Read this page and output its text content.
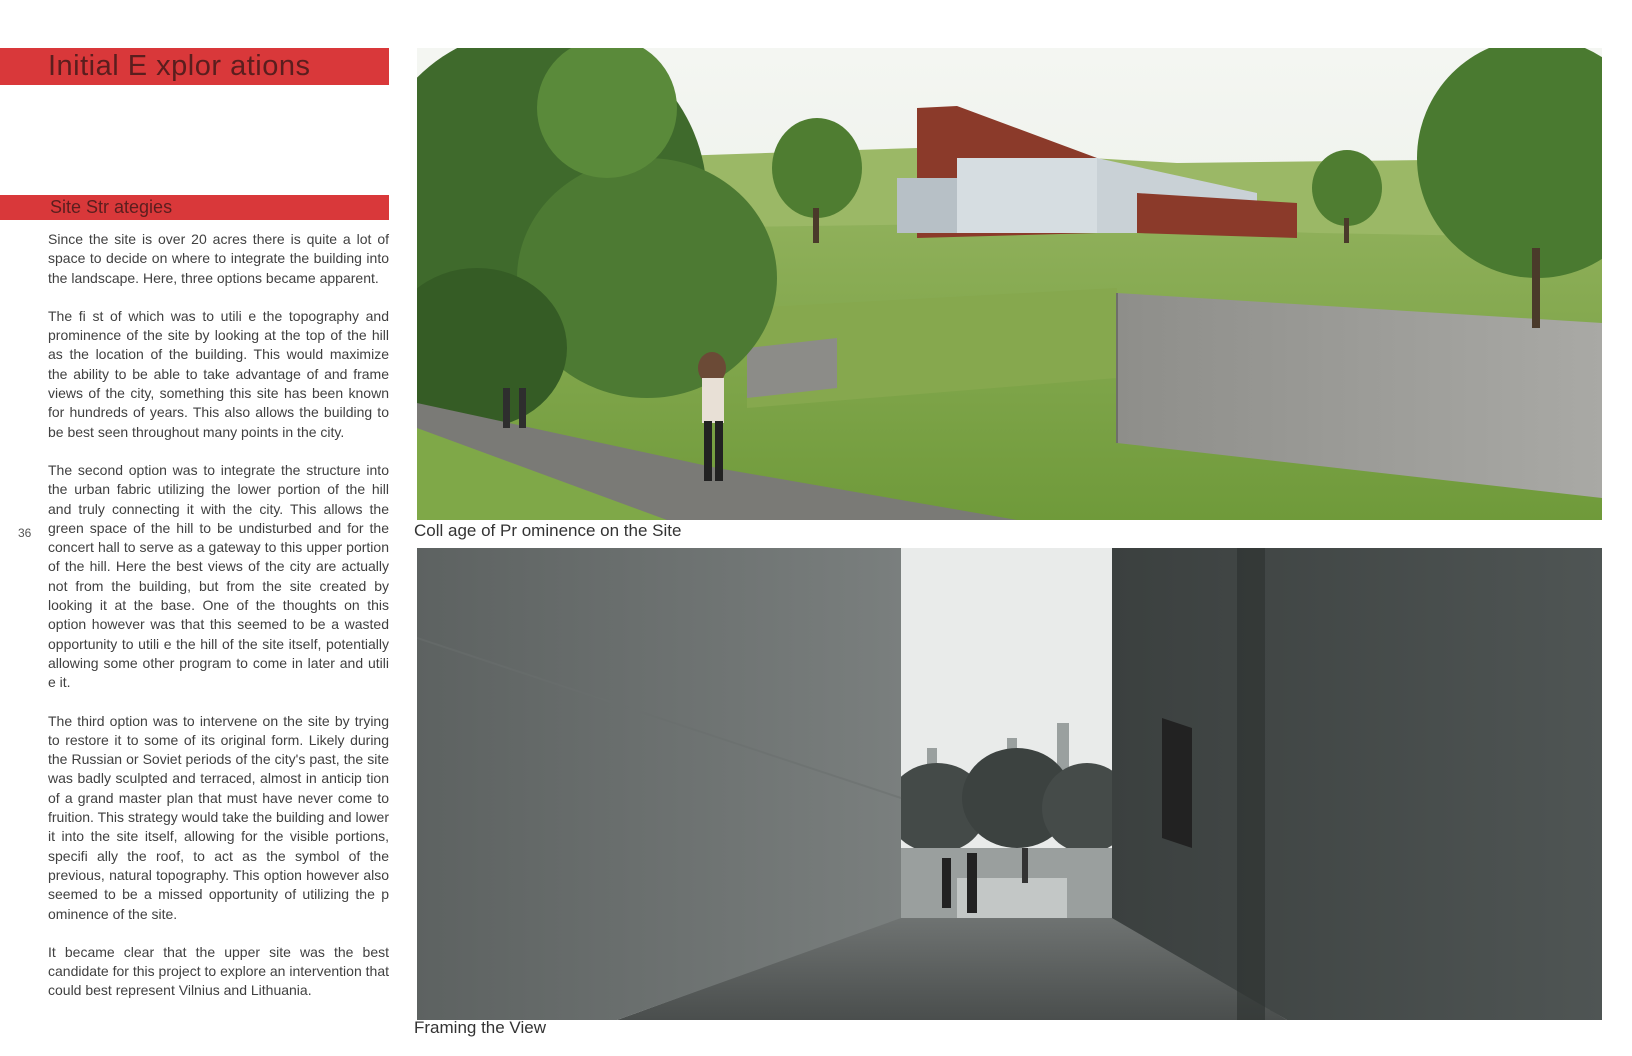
Initial E xplor ations
Site Str ategies

Since the site is over 20 acres there is quite a lot of space to decide on where to integrate the building into the landscape. Here, three options became apparent.

The fi st of which was to utili e the topography and prominence of the site by looking at the top of the hill as the location of the building. This would maximize the ability to be able to take advantage of and frame views of the city, something this site has been known for hundreds of years. This also allows the building to be best seen throughout many points in the city.

The second option was to integrate the structure into the urban fabric utilizing the lower portion of the hill and truly connecting it with the city. This allows the green space of the hill to be undisturbed and for the concert hall to serve as a gateway to this upper portion of the hill. Here the best views of the city are actually not from the building, but from the site created by looking it at the base. One of the thoughts on this option however was that this seemed to be a wasted opportunity to utili e the hill of the site itself, potentially allowing some other program to come in later and utili e it.

The third option was to intervene on the site by trying to restore it to some of its original form. Likely during the Russian or Soviet periods of the city's past, the site was badly sculpted and terraced, almost in anticip tion of a grand master plan that must have never come to fruition. This strategy would take the building and lower it into the site itself, allowing for the visible portions, specifi ally the roof, to act as the symbol of the previous, natural topography. This option however also seemed to be a missed opportunity of utilizing the p ominence of the site.

It became clear that the upper site was the best candidate for this project to explore an intervention that could best represent Vilnius and Lithuania.

36	Coll age of Pr ominence on the Site
Framing the View
